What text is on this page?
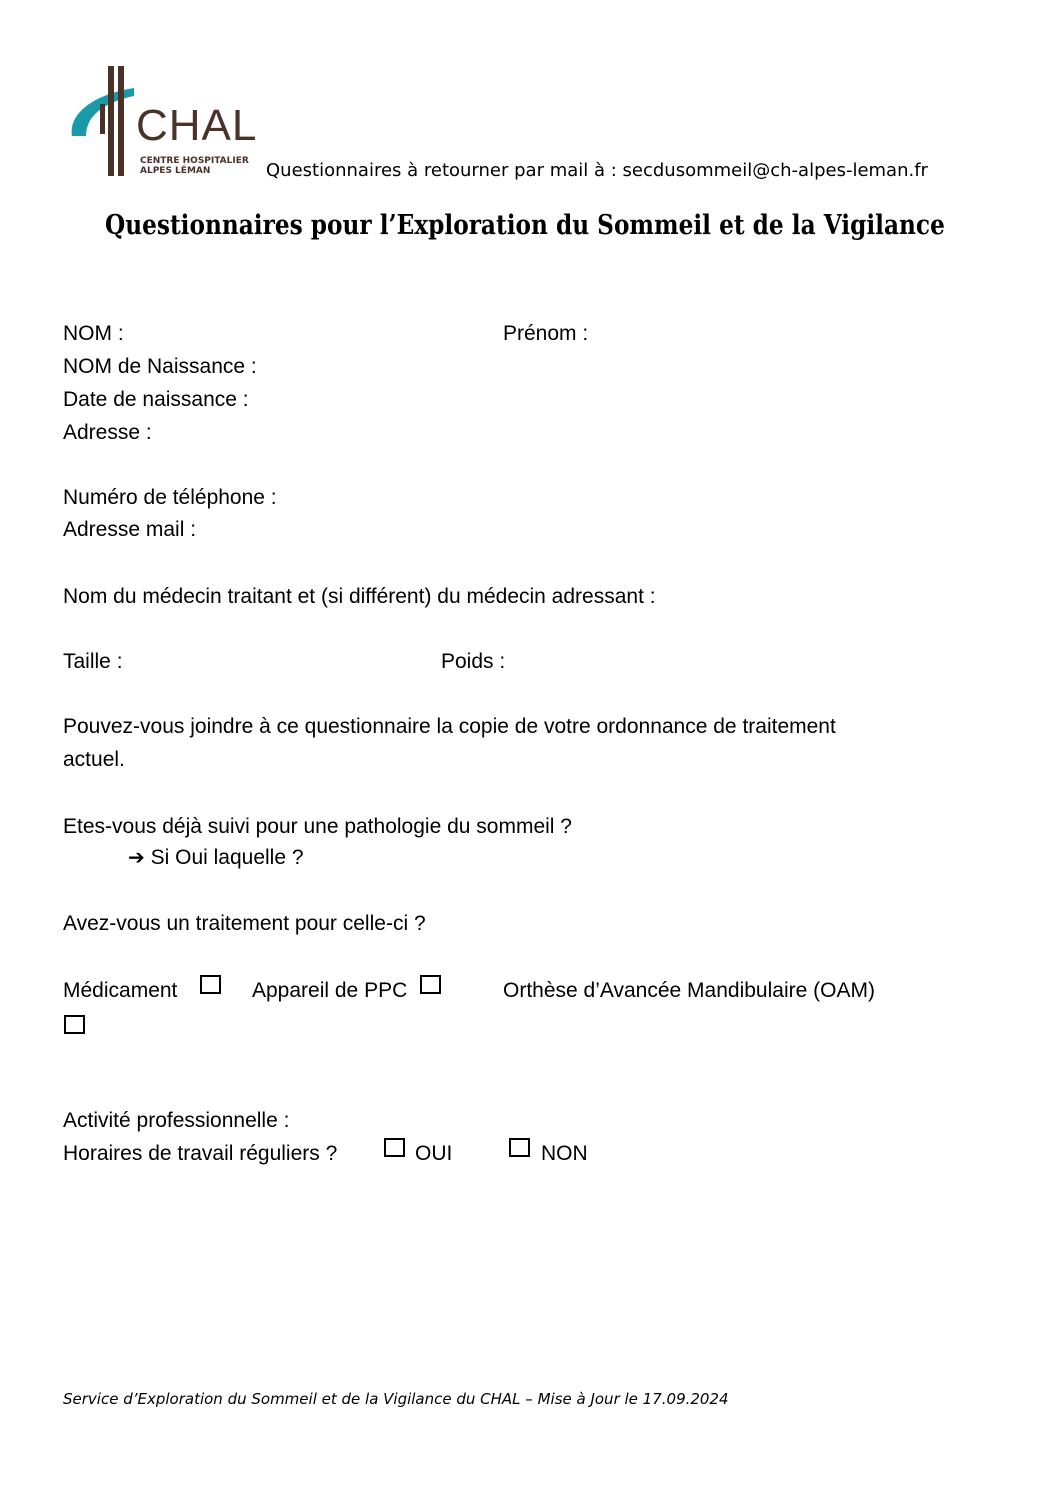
CHAL
CENTRE HOSPITALIER
ALPES LÉMAN	Questionnaires à retourner par mail à : secdusommeil@ch-alpes-leman.fr
Questionnaires pour l’Exploration du Sommeil et de la Vigilance
NOM :	Prénom :
NOM de Naissance :
Date de naissance :
Adresse :
Numéro de téléphone :
Adresse mail :
Nom du médecin traitant et (si différent) du médecin adressant :
Taille :	Poids :
Pouvez-vous joindre à ce questionnaire la copie de votre ordonnance de traitement
actuel.
Etes-vous déjà suivi pour une pathologie du sommeil ?
➔ Si Oui laquelle ?
Avez-vous un traitement pour celle-ci ?
Médicament	Appareil de PPC	Orthèse d’Avancée Mandibulaire (OAM)
Activité professionnelle :
Horaires de travail réguliers ?	OUI	NON
Service d’Exploration du Sommeil et de la Vigilance du CHAL – Mise à Jour le 17.09.2024
